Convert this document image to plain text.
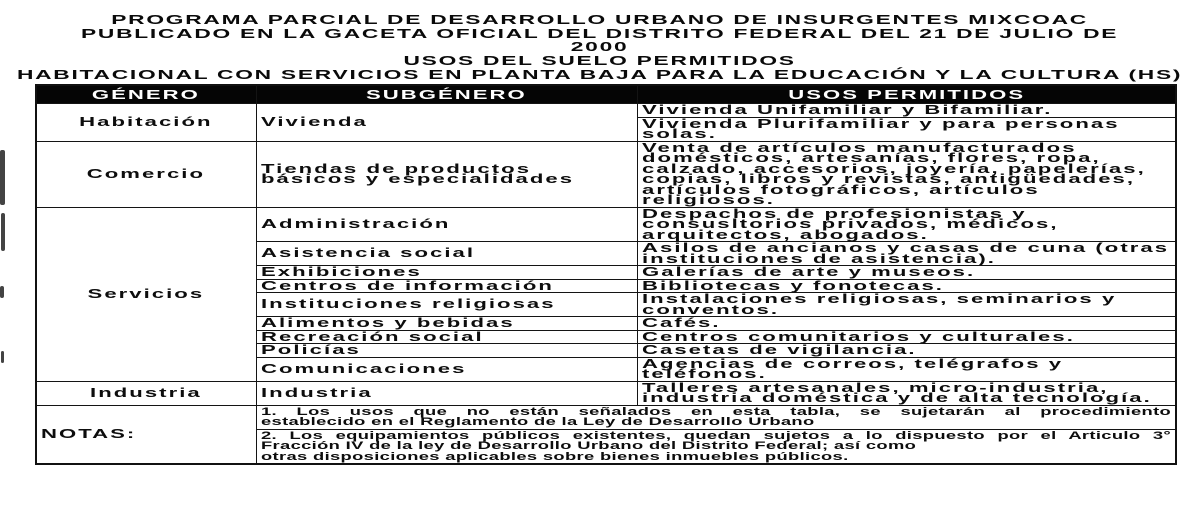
PROGRAMA PARCIAL DE DESARROLLO URBANO DE INSURGENTES MIXCOAC
PUBLICADO EN LA GACETA OFICIAL DEL DISTRITO FEDERAL DEL 21 DE JULIO DE
2000
USOS DEL SUELO PERMITIDOS
HABITACIONAL CON SERVICIOS EN PLANTA BAJA PARA LA EDUCACIÓN Y LA CULTURA (HS)
GÉNERO	SUBGÉNERO	USOS PERMITIDOS

Habitación	Vivienda	Vivienda Unifamiliar y Bifamiliar.

		Vivienda Plurifamiliar y para personas solas.

Comercio	Tiendas de productos básicos y especialidades	Venta de artículos manufacturados domésticos, artesanías, flores, ropa, calzado, accesorios, joyería, papelerías, copias, libros y revistas, antigüedades, artículos fotográficos, artículos religiosos.

Servicios	Administración	Despachos de profesionistas y consusltorios privados, médicos, arquitectos, abogados.

	Asistencia social	Asilos de ancianos y casas de cuna (otras instituciones de asistencia).

	Exhibiciones	Galerías de arte y museos.

	Centros de información	Bibliotecas y fonotecas.

	Instituciones religiosas	Instalaciones religiosas, seminarios y conventos.

	Alimentos y bebidas	Cafés.

	Recreación social	Centros comunitarios y culturales.

	Policías	Casetas de vigilancia.

	Comunicaciones	Agencias de correos, telégrafos y teléfonos.

Industria	Industria	Talleres artesanales, micro-industria, industria doméstica y de alta tecnología.

NOTAS:	1. Los usos que no están señalados en esta tabla, se sujetarán al procedimiento
establecido en el Reglamento de la Ley de Desarrollo Urbano	

	2. Los equipamientos públicos existentes, quedan sujetos a lo dispuesto por el Articulo 3°
Fracción IV de la ley de Desarrollo Urbano del Distrito Federal; así como
otras disposiciones aplicables sobre bienes inmuebles públicos.	
